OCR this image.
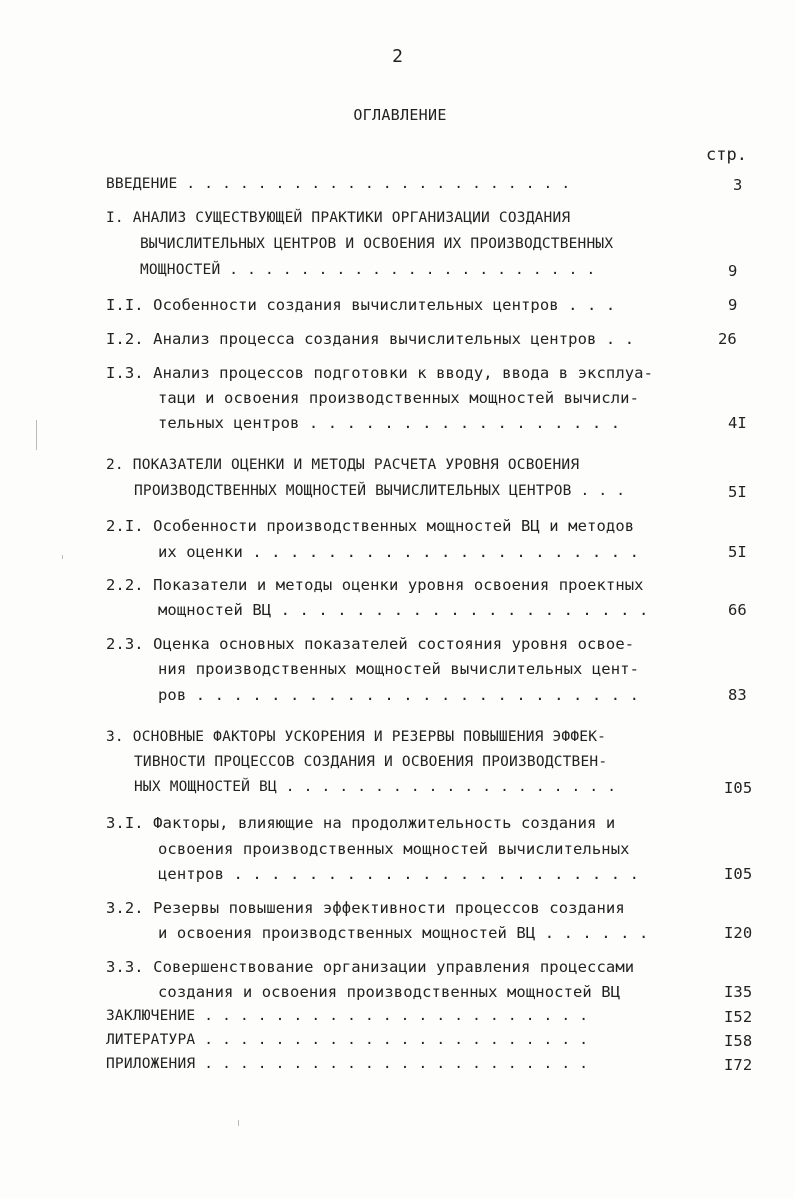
2
ОГЛАВЛЕНИЕ
стр.
ВВЕДЕНИЕ . . . . . . . . . . . . . . . . . . . . . .	3
I. АНАЛИЗ СУЩЕСТВУЮЩЕЙ ПРАКТИКИ ОРГАНИЗАЦИИ СОЗДАНИЯ
ВЫЧИСЛИТЕЛЬНЫХ ЦЕНТРОВ И ОСВОЕНИЯ ИХ ПРОИЗВОДСТВЕННЫХ
МОЩНОСТЕЙ . . . . . . . . . . . . . . . . . . . . .	9
I.I. Особенности создания вычислительных центров . . .	9
I.2. Анализ процесса создания вычислительных центров . .	26
I.3. Анализ процессов подготовки к вводу, ввода в эксплуа-
таци и освоения производственных мощностей вычисли-
тельных центров . . . . . . . . . . . . . . . . .	4I
2. ПОКАЗАТЕЛИ ОЦЕНКИ И МЕТОДЫ РАСЧЕТА УРОВНЯ ОСВОЕНИЯ
ПРОИЗВОДСТВЕННЫХ МОЩНОСТЕЙ ВЫЧИСЛИТЕЛЬНЫХ ЦЕНТРОВ . . .	5I
2.I. Особенности производственных мощностей ВЦ и методов
их оценки . . . . . . . . . . . . . . . . . . . . .	5I
2.2. Показатели и методы оценки уровня освоения проектных
мощностей ВЦ . . . . . . . . . . . . . . . . . . . .	66
2.3. Оценка основных показателей состояния уровня освое-
ния производственных мощностей вычислительных цент-
ров . . . . . . . . . . . . . . . . . . . . . . . .	83
3. ОСНОВНЫЕ ФАКТОРЫ УСКОРЕНИЯ И РЕЗЕРВЫ ПОВЫШЕНИЯ ЭФФЕК-
ТИВНОСТИ ПРОЦЕССОВ СОЗДАНИЯ И ОСВОЕНИЯ ПРОИЗВОДСТВЕН-
НЫХ МОЩНОСТЕЙ ВЦ . . . . . . . . . . . . . . . . . . .	I05
3.I. Факторы, влияющие на продолжительность создания и
освоения производственных мощностей вычислительных
центров . . . . . . . . . . . . . . . . . . . . . .	I05
3.2. Резервы повышения эффективности процессов создания
и освоения производственных мощностей ВЦ . . . . . .	I20
3.3. Совершенствование организации управления процессами
создания и освоения производственных мощностей ВЦ	I35
ЗАКЛЮЧЕНИЕ . . . . . . . . . . . . . . . . . . . . . .	I52
ЛИТЕРАТУРА . . . . . . . . . . . . . . . . . . . . . .	I58
ПРИЛОЖЕНИЯ . . . . . . . . . . . . . . . . . . . . . .	I72
